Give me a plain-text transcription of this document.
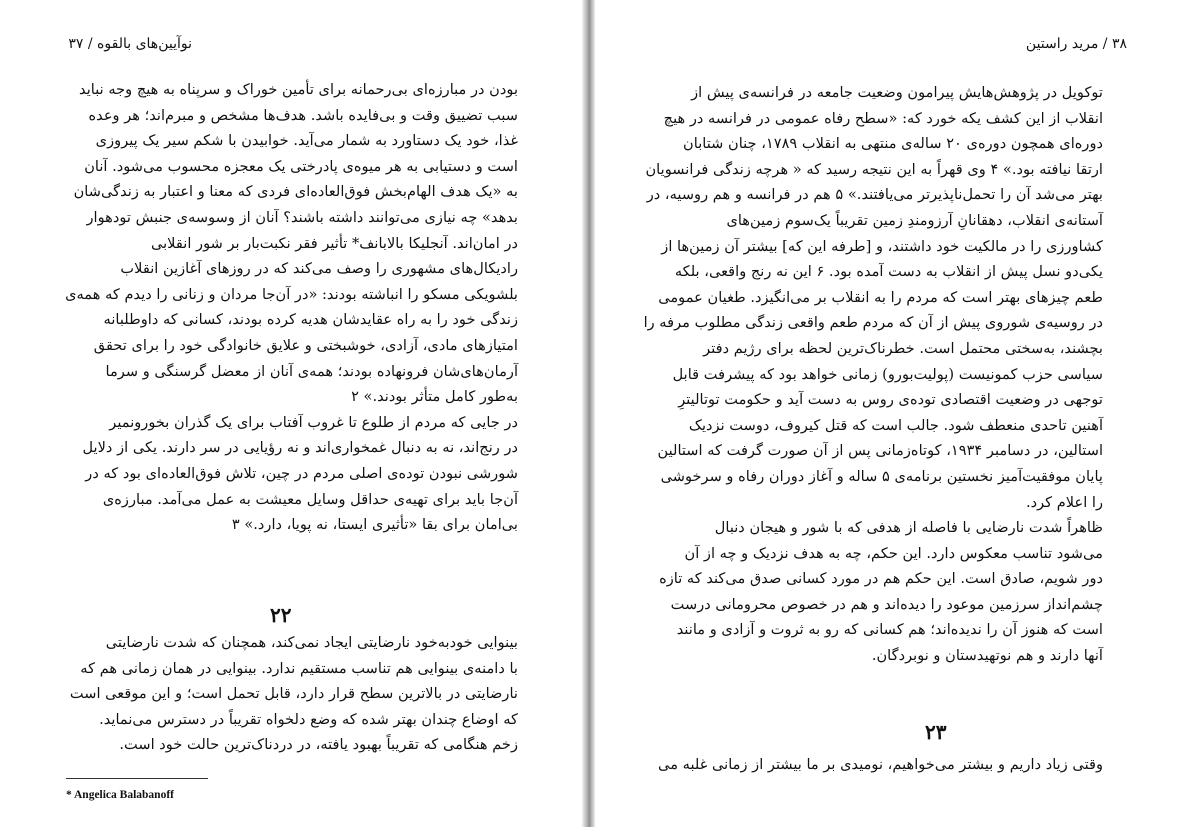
نوآیین‌های بالقوه / ۳۷
بودن در مبارزه‌ای بی‌رحمانه برای تأمین خوراک و سرپناه به هیچ وجه نباید
سبب تضییق وقت و بی‌فایده باشد. هدف‌ها مشخص و مبرم‌اند؛ هر وعده
غذا، خود یک دستاورد به شمار می‌آید. خوابیدن با شکم سیر یک پیروزی
است و دستیابی به هر میوه‌ی پادرختی یک معجزه محسوب می‌شود. آنان
به «یک هدف الهام‌بخش فوق‌العاده‌ای فردی که معنا و اعتبار به زندگی‌شان
بدهد» چه نیازی می‌توانند داشته باشند؟ آنان از وسوسه‌ی جنبش تودهوار
در امان‌اند. آنجلیکا بالابانف* تأثیر فقر نکبت‌بار بر شور انقلابی
رادیکال‌های مشهوری را وصف می‌کند که در روزهای آغازین انقلاب
بلشویکی مسکو را انباشته بودند: «در آن‌جا مردان و زنانی را دیدم که همه‌ی
زندگی خود را به راه عقایدشان هدیه کرده بودند، کسانی که داوطلبانه
امتیازهای مادی، آزادی، خوشبختی و علایق خانوادگی خود را برای تحقق
آرمان‌های‌شان فرونهاده بودند؛ همه‌ی آنان از معضل گرسنگی و سرما
به‌طور کامل متأثر بودند.» ۲
در جایی که مردم از طلوع تا غروب آفتاب برای یک گذران بخورونمیر
در رنج‌اند، نه به دنبال غمخواری‌اند و نه رؤیایی در سر دارند. یکی از دلایل
شورشی نبودن توده‌ی اصلی مردم در چین، تلاش فوق‌العاده‌ای بود که در
آن‌جا باید برای تهیه‌ی حداقل وسایل معیشت به عمل می‌آمد. مبارزه‌ی
بی‌امان برای بقا «تأثیری ایستا، نه پویا، دارد.» ۳
۲۲
بینوایی خودبه‌خود نارضایتی ایجاد نمی‌کند، همچنان که شدت نارضایتی
با دامنه‌ی بینوایی هم تناسب مستقیم ندارد. بینوایی در همان زمانی هم که
نارضایتی در بالاترین سطح قرار دارد، قابل تحمل است؛ و این موقعی است
که اوضاع چندان بهتر شده که وضع دلخواه تقریباً در دسترس می‌نماید.
زخم هنگامی که تقریباً بهبود یافته، در دردناک‌ترین حالت خود است.
* Angelica Balabanoff
۳۸ / مرید راستین
توکویل در پژوهش‌هایش پیرامون وضعیت جامعه در فرانسه‌ی پیش از
انقلاب از این کشف یکه خورد که: «سطح رفاه عمومی در فرانسه در هیچ
دوره‌ای همچون دوره‌ی ۲۰ ساله‌ی منتهی به انقلاب ۱۷۸۹، چنان شتابان
ارتقا نیافته بود.» ۴ وی قهراً به این نتیجه رسید که « هرچه زندگی فرانسویان
بهتر می‌شد آن را تحمل‌ناپذیرتر می‌یافتند.» ۵ هم در فرانسه و هم روسیه، در
آستانه‌ی انقلاب، دهقانانِ آرزومندِ زمین تقریباً یک‌سوم زمین‌های
کشاورزی را در مالکیت خود داشتند، و [طرفه این که] بیشتر آن زمین‌ها از
یکی‌دو نسل پیش از انقلاب به دست آمده بود. ۶ این نه رنج واقعی، بلکه
طعم چیزهای بهتر است که مردم را به انقلاب بر می‌انگیزد. طغیان عمومی
در روسیه‌ی شوروی پیش از آن که مردم طعم واقعی زندگی مطلوب مرفه را
بچشند، به‌سختی محتمل است. خطرناک‌ترین لحظه برای رژیم دفتر
سیاسی حزب کمونیست (پولیت‌بورو) زمانی خواهد بود که پیشرفت قابل
توجهی در وضعیت اقتصادی توده‌ی روس به دست آید و حکومت توتالیترِ
آهنین تاحدی منعطف شود. جالب است که قتل کیروف، دوست نزدیک
استالین، در دسامبر ۱۹۳۴، کوتاه‌زمانی پس از آن صورت گرفت که استالین
پایان موفقیت‌آمیز نخستین برنامه‌ی ۵ ساله و آغاز دوران رفاه و سرخوشی
را اعلام کرد.
ظاهراً شدت نارضایی با فاصله از هدفی که با شور و هیجان دنبال
می‌شود تناسب معکوس دارد. این حکم، چه به هدف نزدیک و چه از آن
دور شویم، صادق است. این حکم هم در مورد کسانی صدق می‌کند که تازه
چشم‌انداز سرزمین موعود را دیده‌اند و هم در خصوص محرومانی درست
است که هنوز آن را ندیده‌اند؛ هم کسانی که رو به ثروت و آزادی و مانند
آنها دارند و هم نوتهیدستان و نوبردگان.
۲۳
وقتی زیاد داریم و بیشتر می‌خواهیم، نومیدی بر ما بیشتر از زمانی غلبه می
